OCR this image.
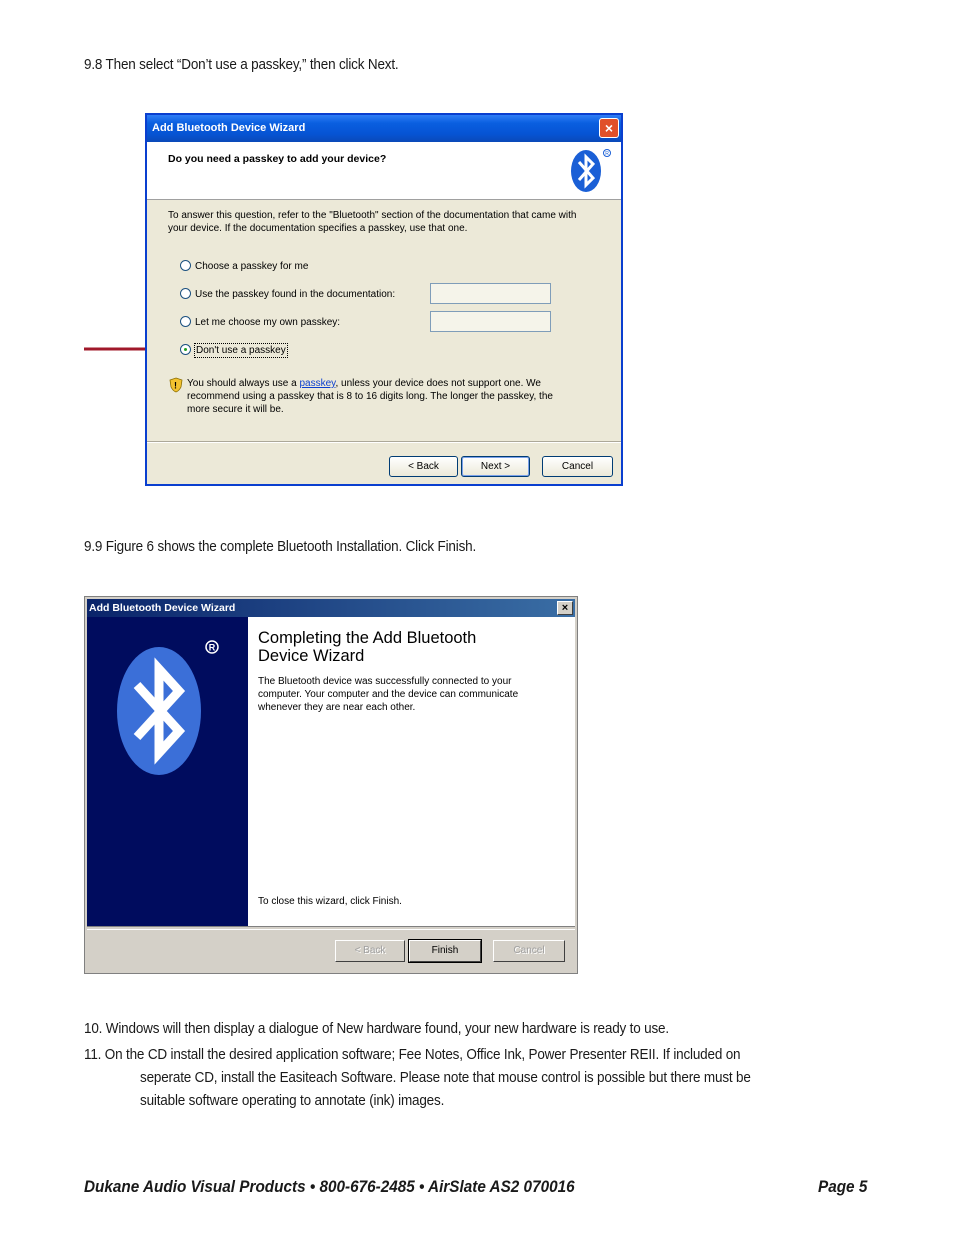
9.8 Then select “Don’t use a passkey,” then click Next.
Add Bluetooth Device Wizard	×
Do you need a passkey to add your device?	R
To answer this question, refer to the "Bluetooth" section of the documentation that came with
your device. If the documentation specifies a passkey, use that one.
Choose a passkey for me
Use the passkey found in the documentation:
Let me choose my own passkey:
Don't use a passkey
! You should always use a passkey, unless your device does not support one. We
recommend using a passkey that is 8 to 16 digits long. The longer the passkey, the
more secure it will be.
< Back	Next >	Cancel
9.9 Figure 6 shows the complete Bluetooth Installation. Click Finish.
Add Bluetooth Device Wizard	×
R
Completing the Add Bluetooth
Device Wizard
The Bluetooth device was successfully connected to your
computer. Your computer and the device can communicate
whenever they are near each other.
To close this wizard, click Finish.
< Back	Finish	Cancel
10. Windows will then display a dialogue of New hardware found, your new hardware is ready to use.
11. On the CD install the desired application software; Fee Notes, Office Ink, Power Presenter REII. If included on
seperate CD, install the Easiteach Software. Please note that mouse control is possible but there must be
suitable software operating to annotate (ink) images.
Dukane Audio Visual Products • 800-676-2485 • AirSlate AS2 070016	Page 5
